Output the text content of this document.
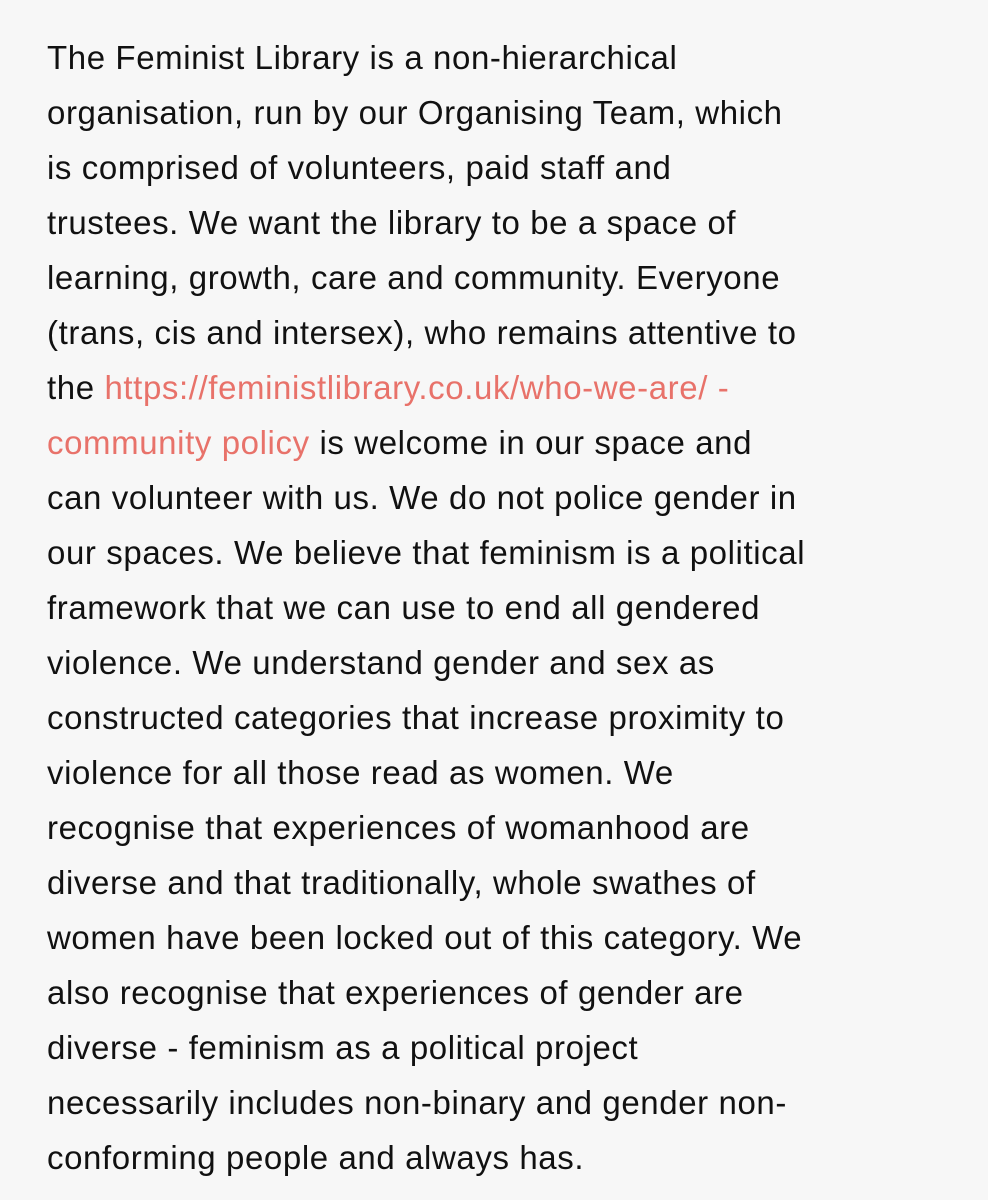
The Feminist Library is a non-hierarchical
organisation, run by our Organising Team, which
is comprised of volunteers, paid staff and
trustees. We want the library to be a space of
learning, growth, care and community. Everyone
(trans, cis and intersex), who remains attentive to
the https://feministlibrary.co.uk/who-we-are/ -
community policy is welcome in our space and
can volunteer with us. We do not police gender in
our spaces. We believe that feminism is a political
framework that we can use to end all gendered
violence. We understand gender and sex as
constructed categories that increase proximity to
violence for all those read as women. We
recognise that experiences of womanhood are
diverse and that traditionally, whole swathes of
women have been locked out of this category. We
also recognise that experiences of gender are
diverse - feminism as a political project
necessarily includes non-binary and gender non-
conforming people and always has.
